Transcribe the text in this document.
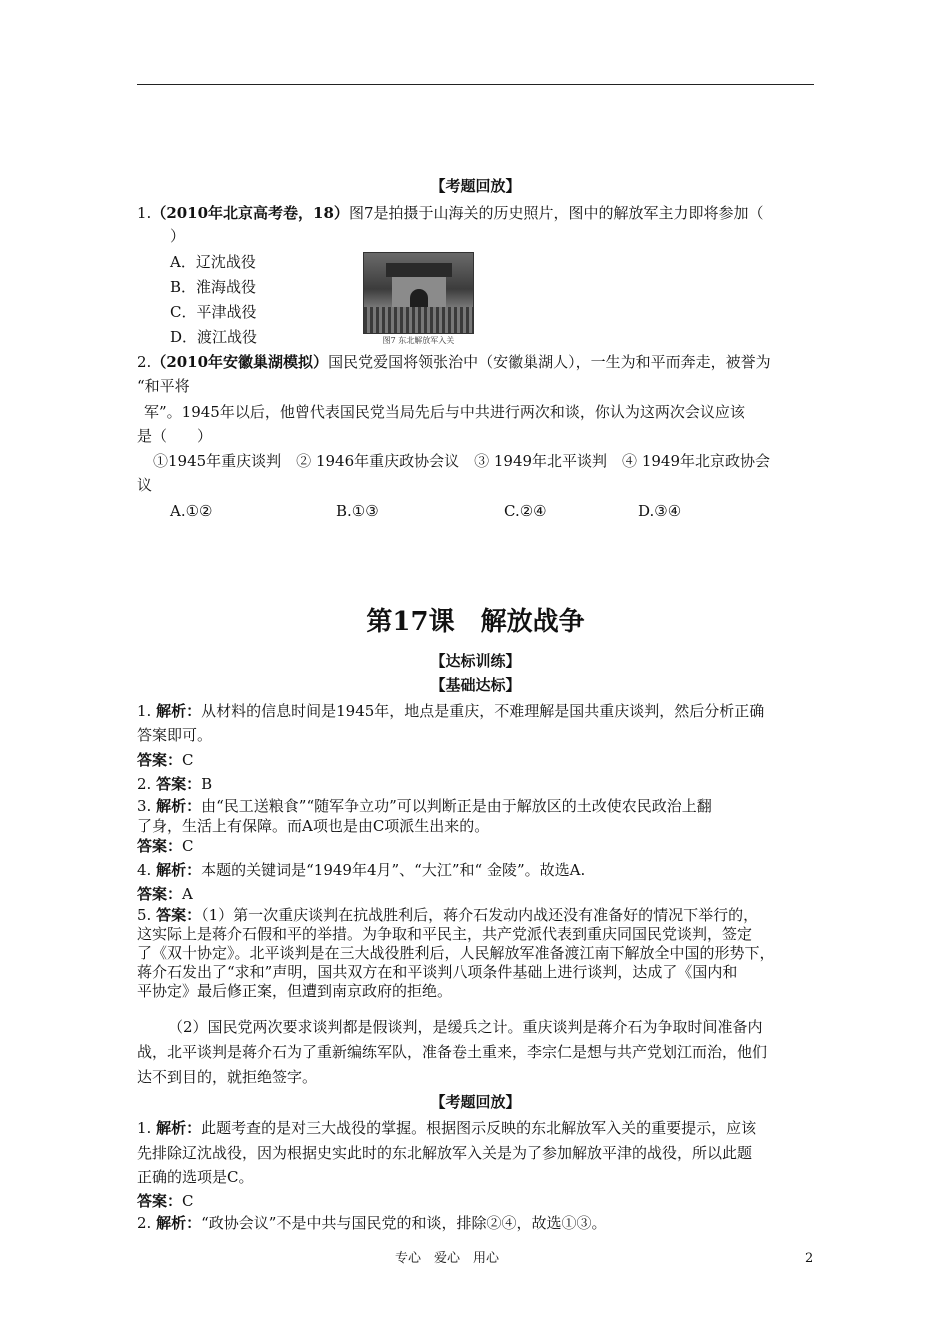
【考题回放】
1.（2010年北京高考卷，18）图7是拍摄于山海关的历史照片，图中的解放军主力即将参加（
）
A．辽沈战役
B．淮海战役
C．平津战役
D．渡江战役	图7 东北解放军入关
2.（2010年安徽巢湖模拟）国民党爱国将领张治中（安徽巢湖人），一生为和平而奔走，被誉为
“和平将
军”。1945年以后，他曾代表国民党当局先后与中共进行两次和谈，你认为这两次会议应该
是（　　）
①1945年重庆谈判　② 1946年重庆政协会议　③ 1949年北平谈判　④ 1949年北京政协会
议
A.①②	B.①③	C.②④	D.③④
第17课　解放战争
【达标训练】
【基础达标】
1. 解析：从材料的信息时间是1945年，地点是重庆，不难理解是国共重庆谈判，然后分析正确
答案即可。
答案：C
2. 答案：B
3. 解析：由“民工送粮食”“随军争立功”可以判断正是由于解放区的土改使农民政治上翻
了身，生活上有保障。而A项也是由C项派生出来的。
答案：C
4. 解析：本题的关键词是“1949年4月”、“大江”和“ 金陵”。故选A.
答案：A
5. 答案：（1）第一次重庆谈判在抗战胜利后，蒋介石发动内战还没有准备好的情况下举行的，
这实际上是蒋介石假和平的举措。为争取和平民主，共产党派代表到重庆同国民党谈判，签定
了《双十协定》。北平谈判是在三大战役胜利后，人民解放军准备渡江南下解放全中国的形势下，
蒋介石发出了“求和”声明，国共双方在和平谈判八项条件基础上进行谈判，达成了《国内和
平协定》最后修正案，但遭到南京政府的拒绝。
（2）国民党两次要求谈判都是假谈判，是缓兵之计。重庆谈判是蒋介石为争取时间准备内
战，北平谈判是蒋介石为了重新编练军队，准备卷土重来，李宗仁是想与共产党划江而治，他们
达不到目的，就拒绝签字。
【考题回放】
1. 解析：此题考查的是对三大战役的掌握。根据图示反映的东北解放军入关的重要提示，应该
先排除辽沈战役，因为根据史实此时的东北解放军入关是为了参加解放平津的战役，所以此题
正确的选项是C。
答案：C
2. 解析：“政协会议”不是中共与国民党的和谈，排除②④，故选①③。
专心　爱心　用心	2
